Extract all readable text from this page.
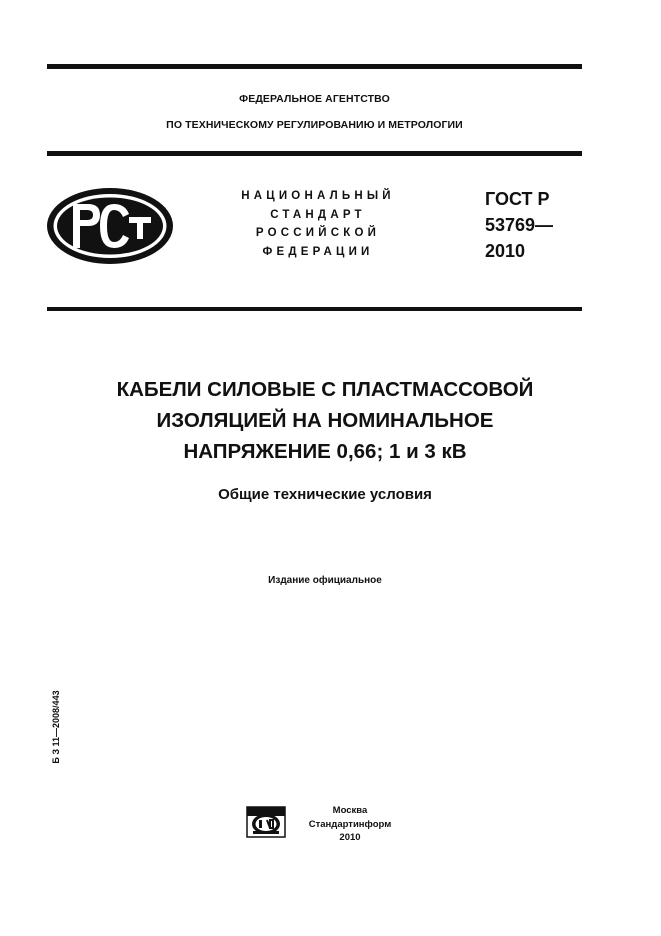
ФЕДЕРАЛЬНОЕ АГЕНТСТВО
ПО ТЕХНИЧЕСКОМУ РЕГУЛИРОВАНИЮ И МЕТРОЛОГИИ
НАЦИОНАЛЬНЫЙ
СТАНДАРТ
РОССИЙСКОЙ
ФЕДЕРАЦИИ
ГОСТ Р
53769—
2010
КАБЕЛИ СИЛОВЫЕ С ПЛАСТМАССОВОЙ
ИЗОЛЯЦИЕЙ НА НОМИНАЛЬНОЕ
НАПРЯЖЕНИЕ 0,66; 1 и 3 кВ
Общие технические условия
Издание официальное
Б З 11—2008/443
Москва
Стандартинформ
2010
